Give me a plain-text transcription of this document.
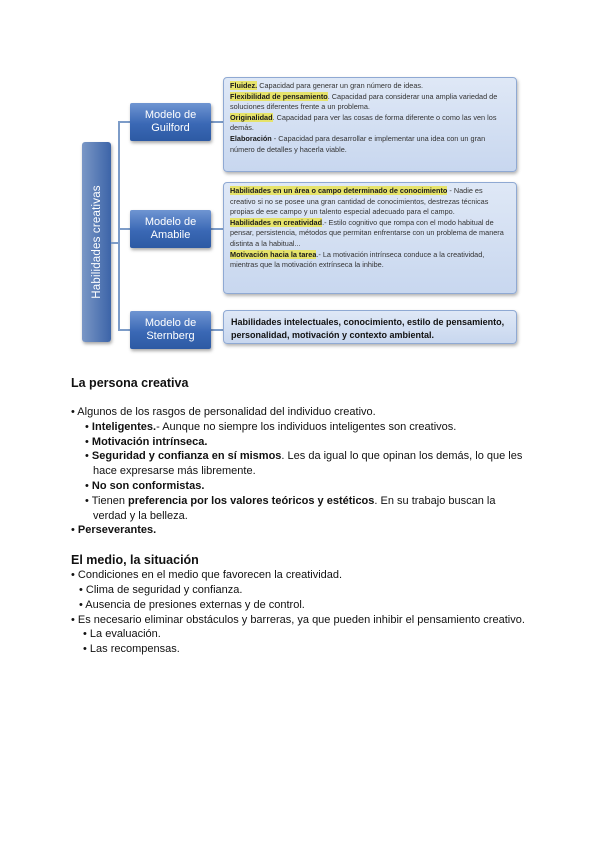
Habilidades creativas
Modelo de
Guilford
Modelo de
Amabile
Modelo de
Sternberg

Fluidez. Capacidad para generar un gran número de ideas.

Flexibilidad de pensamiento. Capacidad para considerar una amplia variedad de soluciones diferentes frente a un problema.

Originalidad. Capacidad para ver las cosas de forma diferente o como las ven los demás.

Elaboración - Capacidad para desarrollar e implementar una idea con un gran número de detalles y hacerla viable.

Habilidades en un área o campo determinado de conocimiento - Nadie es creativo si no se posee una gran cantidad de conocimientos, destrezas técnicas propias de ese campo y un talento especial adecuado para el campo.

Habilidades en creatividad.- Estilo cognitivo que rompa con el modo habitual de pensar, persistencia, métodos que permitan enfrentarse con un problema de manera distinta a la habitual...

Motivación hacia la tarea.- La motivación intrínseca conduce a la creatividad, mientras que la motivación extrínseca la inhibe.

Habilidades intelectuales, conocimiento, estilo de pensamiento, personalidad, motivación y contexto ambiental.

La persona creativa
• Algunos de los rasgos de personalidad del individuo creativo.
• Inteligentes.- Aunque no siempre los individuos inteligentes son creativos.
• Motivación intrínseca.
• Seguridad y confianza en sí mismos. Les da igual lo que opinan los demás, lo que les hace expresarse más libremente.
• No son conformistas.
• Tienen preferencia por los valores teóricos y estéticos. En su trabajo buscan la verdad y la belleza.
• Perseverantes.
El medio, la situación
• Condiciones en el medio que favorecen la creatividad.
• Clima de seguridad y confianza.
• Ausencia de presiones externas y de control.
• Es necesario eliminar obstáculos y barreras, ya que pueden inhibir el pensamiento creativo.
• La evaluación.
• Las recompensas.
